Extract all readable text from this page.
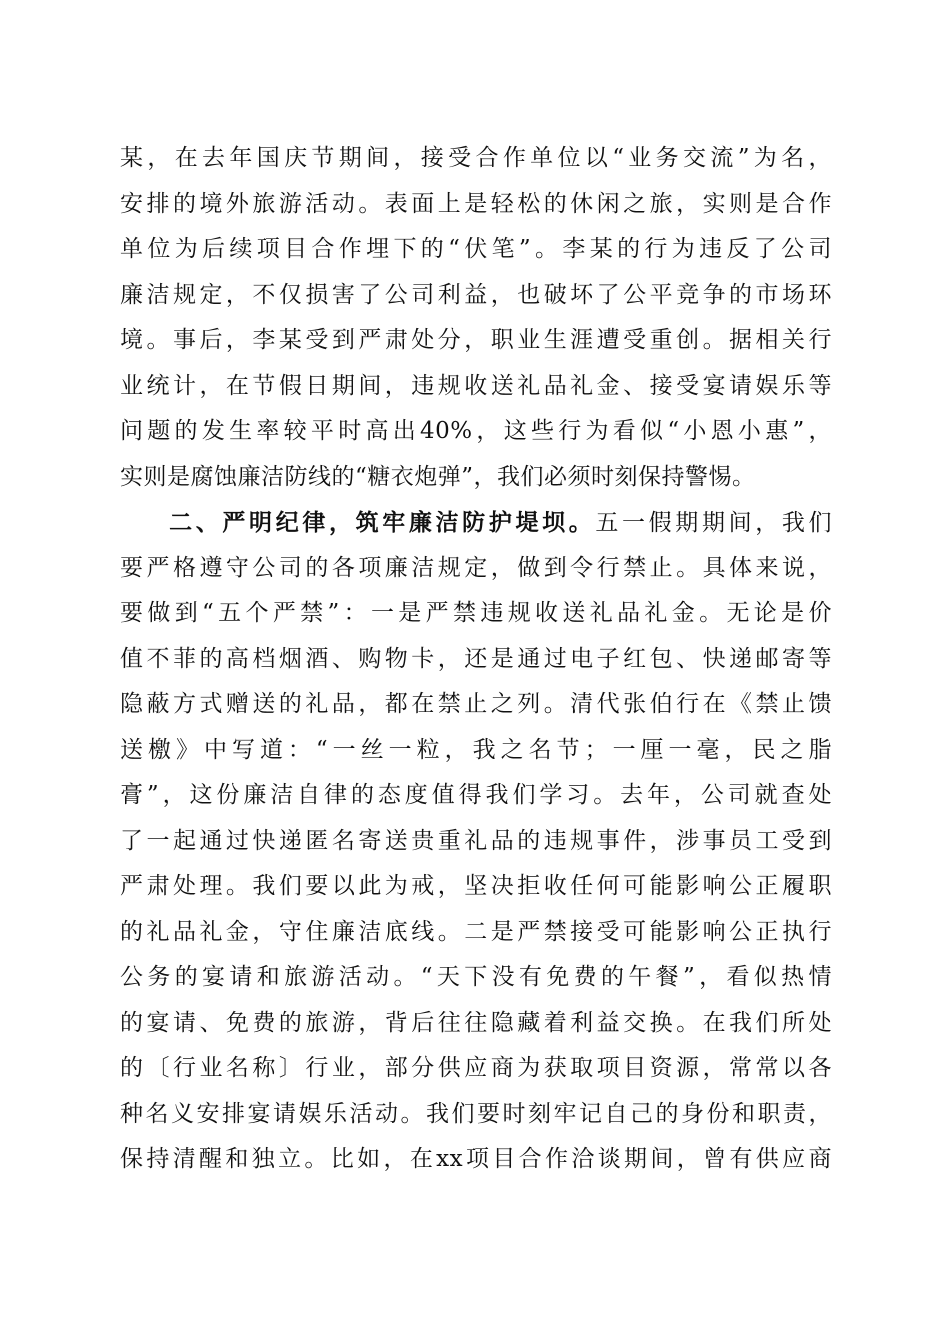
某，在去年国庆节期间，接受合作单位以“业务交流”为名，
安排的境外旅游活动。表面上是轻松的休闲之旅，实则是合作
单位为后续项目合作埋下的“伏笔”。李某的行为违反了公司
廉洁规定，不仅损害了公司利益，也破坏了公平竞争的市场环
境。事后，李某受到严肃处分，职业生涯遭受重创。据相关行
业统计，在节假日期间，违规收送礼品礼金、接受宴请娱乐等
问题的发生率较平时高出40%，这些行为看似“小恩小惠”，
实则是腐蚀廉洁防线的“糖衣炮弹”，我们必须时刻保持警惕。
二、严明纪律，筑牢廉洁防护堤坝。五一假期期间，我们
要严格遵守公司的各项廉洁规定，做到令行禁止。具体来说，
要做到“五个严禁”：一是严禁违规收送礼品礼金。无论是价
值不菲的高档烟酒、购物卡，还是通过电子红包、快递邮寄等
隐蔽方式赠送的礼品，都在禁止之列。清代张伯行在《禁止馈
送檄》中写道：“一丝一粒，我之名节；一厘一毫，民之脂
膏”，这份廉洁自律的态度值得我们学习。去年，公司就查处
了一起通过快递匿名寄送贵重礼品的违规事件，涉事员工受到
严肃处理。我们要以此为戒，坚决拒收任何可能影响公正履职
的礼品礼金，守住廉洁底线。二是严禁接受可能影响公正执行
公务的宴请和旅游活动。“天下没有免费的午餐”，看似热情
的宴请、免费的旅游，背后往往隐藏着利益交换。在我们所处
的〔行业名称〕行业，部分供应商为获取项目资源，常常以各
种名义安排宴请娱乐活动。我们要时刻牢记自己的身份和职责，
保持清醒和独立。比如，在xx项目合作洽谈期间，曾有供应商
